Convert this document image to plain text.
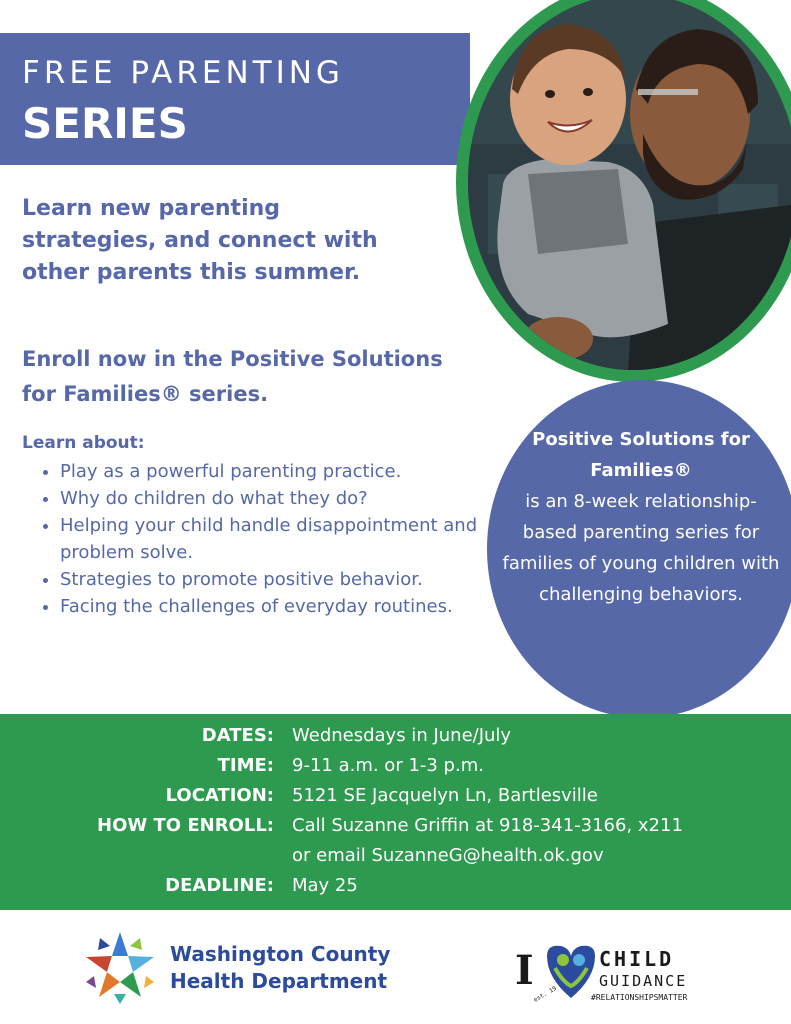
FREE PARENTING
SERIES
Learn new parenting strategies, and connect with other parents this summer.
Enroll now in the Positive Solutions for Families® series.
Learn about:
• Play as a powerful parenting practice.
• Why do children do what they do?
• Helping your child handle disappointment and problem solve.
• Strategies to promote positive behavior.
• Facing the challenges of everyday routines.
Positive Solutions for Families®
is an 8-week relationship-based parenting series for families of young children with challenging behaviors.
DATES: Wednesdays in June/July
TIME: 9-11 a.m. or 1-3 p.m.
LOCATION: 5121 SE Jacquelyn Ln, Bartlesville
HOW TO ENROLL: Call Suzanne Griffin at 918-341-3166, x211
or email SuzanneG@health.ok.gov
DEADLINE: May 25
Washington County
Health Department	I	CHILD
GUIDANCE
#RELATIONSHIPSMATTER
est. 19
